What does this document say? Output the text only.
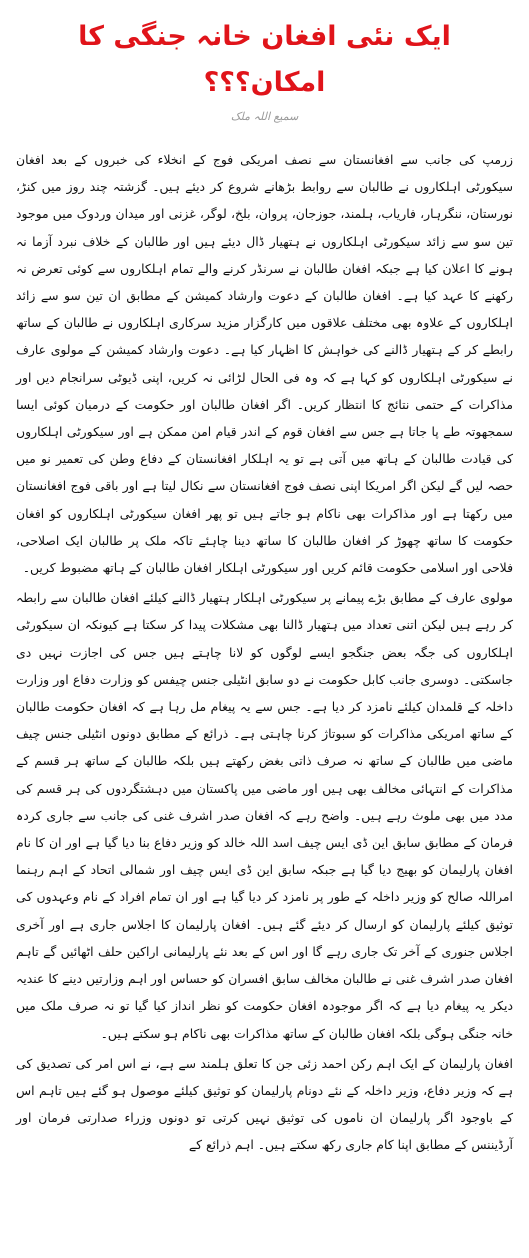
ایک نئی افغان خانہ جنگی کا امکان؟؟؟
سمیع اللہ ملک

زرمپ کی جانب سے افغانستان سے نصف امریکی فوج کے انخلاء کی خبروں کے بعد افغان سیکورٹی اہلکاروں نے طالبان سے روابط بڑھانے شروع کر دیئے ہیں۔ گزشتہ چند روز میں کنڑ، نورستان، ننگرہار، فاریاب، ہلمند، جوزجان، پروان، بلخ، لوگر، غزنی اور میدان وردوک میں موجود تین سو سے زائد سیکورٹی اہلکاروں نے ہتھیار ڈال دیئے ہیں اور طالبان کے خلاف نبرد آزما نہ ہونے کا اعلان کیا ہے جبکہ افغان طالبان نے سرنڈر کرنے والے تمام اہلکاروں سے کوئی تعرض نہ رکھنے کا عہد کیا ہے۔ افغان طالبان کے دعوت وارشاد کمیشن کے مطابق ان تین سو سے زائد اہلکاروں کے علاوہ بھی مختلف علاقوں میں کارگزار مزید سرکاری اہلکاروں نے طالبان کے ساتھ رابطے کر کے ہتھیار ڈالنے کی خواہش کا اظہار کیا ہے۔ دعوت وارشاد کمیشن کے مولوی عارف نے سیکورٹی اہلکاروں کو کہا ہے کہ وہ فی الحال لڑائی نہ کریں، اپنی ڈیوٹی سرانجام دیں اور مذاکرات کے حتمی نتائج کا انتظار کریں۔ اگر افغان طالبان اور حکومت کے درمیان کوئی ایسا سمجھوتہ طے پا جاتا ہے جس سے افغان قوم کے اندر قیام امن ممکن ہے اور سیکورٹی اہلکاروں کی قیادت طالبان کے ہاتھ میں آتی ہے تو یہ اہلکار افغانستان کے دفاع وطن کی تعمیر نو میں حصہ لیں گے لیکن اگر امریکا اپنی نصف فوج افغانستان سے نکال لیتا ہے اور باقی فوج افغانستان میں رکھتا ہے اور مذاکرات بھی ناکام ہو جاتے ہیں تو پھر افغان سیکورٹی اہلکاروں کو افغان حکومت کا ساتھ چھوڑ کر افغان طالبان کا ساتھ دینا چاہئے تاکہ ملک پر طالبان ایک اصلاحی، فلاحی اور اسلامی حکومت قائم کریں اور سیکورٹی اہلکار افغان طالبان کے ہاتھ مضبوط کریں۔

مولوی عارف کے مطابق بڑے پیمانے پر سیکورٹی اہلکار ہتھیار ڈالنے کیلئے افغان طالبان سے رابطہ کر رہے ہیں لیکن اتنی تعداد میں ہتھیار ڈالنا بھی مشکلات پیدا کر سکتا ہے کیونکہ ان سیکورٹی اہلکاروں کی جگہ بعض جنگجو ایسے لوگوں کو لانا چاہتے ہیں جس کی اجازت نہیں دی جاسکتی۔ دوسری جانب کابل حکومت نے دو سابق انٹیلی جنس چیفس کو وزارت دفاع اور وزارت داخلہ کے قلمدان کیلئے نامزد کر دیا ہے۔ جس سے یہ پیغام مل رہا ہے کہ افغان حکومت طالبان کے ساتھ امریکی مذاکرات کو سبوتاژ کرنا چاہتی ہے۔ ذرائع کے مطابق دونوں انٹیلی جنس چیف ماضی میں طالبان کے ساتھ نہ صرف ذاتی بغض رکھتے ہیں بلکہ طالبان کے ساتھ ہر قسم کے مذاکرات کے انتہائی مخالف بھی ہیں اور ماضی میں پاکستان میں دہشتگردوں کی ہر قسم کی مدد میں بھی ملوث رہے ہیں۔ واضح رہے کہ افغان صدر اشرف غنی کی جانب سے جاری کردہ فرمان کے مطابق سابق این ڈی ایس چیف اسد اللہ خالد کو وزیر دفاع بنا دیا گیا ہے اور ان کا نام افغان پارلیمان کو بھیج دیا گیا ہے جبکہ سابق این ڈی ایس چیف اور شمالی اتحاد کے اہم رہنما امراللہ صالح کو وزیر داخلہ کے طور پر نامزد کر دیا گیا ہے اور ان تمام افراد کے نام وعہدوں کی توثیق کیلئے پارلیمان کو ارسال کر دیئے گئے ہیں۔ افغان پارلیمان کا اجلاس جاری ہے اور آخری اجلاس جنوری کے آخر تک جاری رہے گا اور اس کے بعد نئے پارلیمانی اراکین حلف اٹھائیں گے تاہم افغان صدر اشرف غنی نے طالبان مخالف سابق افسران کو حساس اور اہم وزارتیں دینے کا عندیہ دیکر یہ پیغام دیا ہے کہ اگر موجودہ افغان حکومت کو نظر انداز کیا گیا تو نہ صرف ملک میں خانہ جنگی ہوگی بلکہ افغان طالبان کے ساتھ مذاکرات بھی ناکام ہو سکتے ہیں۔

افغان پارلیمان کے ایک اہم رکن احمد زئی جن کا تعلق ہلمند سے ہے، نے اس امر کی تصدیق کی ہے کہ وزیر دفاع، وزیر داخلہ کے نئے دونام پارلیمان کو توثیق کیلئے موصول ہو گئے ہیں تاہم اس کے باوجود اگر پارلیمان ان ناموں کی توثیق نہیں کرتی تو دونوں وزراء صدارتی فرمان اور آرڈیننس کے مطابق اپنا کام جاری رکھ سکتے ہیں۔ اہم ذرائع کے
